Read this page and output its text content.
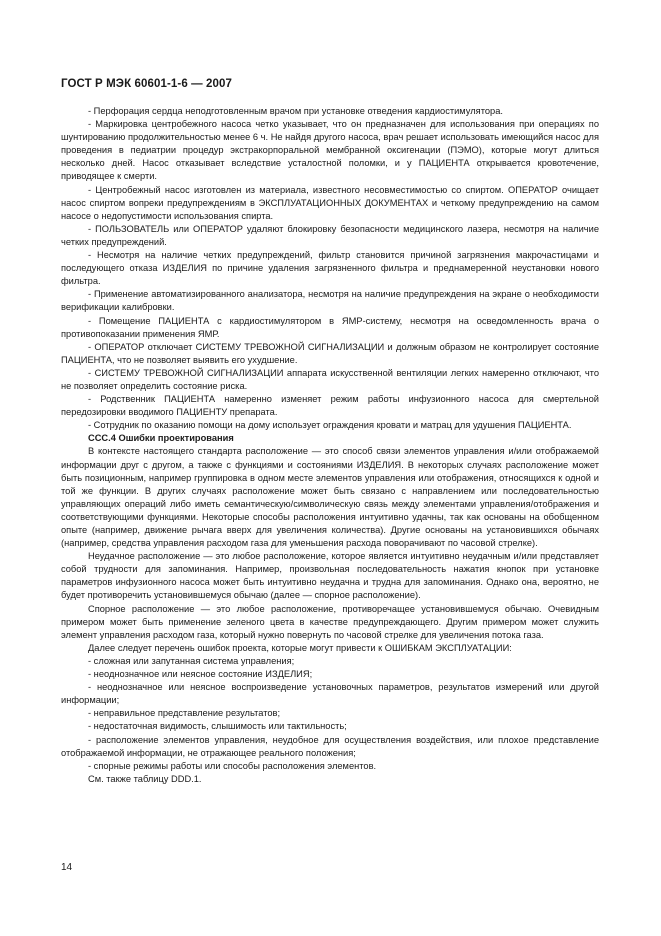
ГОСТ Р МЭК 60601-1-6 — 2007

- Перфорация сердца неподготовленным врачом при установке отведения кардиостимулятора.

- Маркировка центробежного насоса четко указывает, что он предназначен для использования при операциях по шунтированию продолжительностью менее 6 ч. Не найдя другого насоса, врач решает использовать имеющийся насос для проведения в педиатрии процедур экстракорпоральной мембранной оксигенации (ПЭМО), которые могут длиться несколько дней. Насос отказывает вследствие усталостной поломки, и у ПАЦИЕНТА открывается кровотечение, приводящее к смерти.

- Центробежный насос изготовлен из материала, известного несовместимостью со спиртом. ОПЕРАТОР очищает насос спиртом вопреки предупреждениям в ЭКСПЛУАТАЦИОННЫХ ДОКУМЕНТАХ и четкому предупреждению на самом насосе о недопустимости использования спирта.

- ПОЛЬЗОВАТЕЛЬ или ОПЕРАТОР удаляют блокировку безопасности медицинского лазера, несмотря на наличие четких предупреждений.

- Несмотря на наличие четких предупреждений, фильтр становится причиной загрязнения макрочастицами и последующего отказа ИЗДЕЛИЯ по причине удаления загрязненного фильтра и преднамеренной неустановки нового фильтра.

- Применение автоматизированного анализатора, несмотря на наличие предупреждения на экране о необходимости верификации калибровки.

- Помещение ПАЦИЕНТА с кардиостимулятором в ЯМР-систему, несмотря на осведомленность врача о противопоказании применения ЯМР.

- ОПЕРАТОР отключает СИСТЕМУ ТРЕВОЖНОЙ СИГНАЛИЗАЦИИ и должным образом не контролирует состояние ПАЦИЕНТА, что не позволяет выявить его ухудшение.

- СИСТЕМУ ТРЕВОЖНОЙ СИГНАЛИЗАЦИИ аппарата искусственной вентиляции легких намеренно отключают, что не позволяет определить состояние риска.

- Родственник ПАЦИЕНТА намеренно изменяет режим работы инфузионного насоса для смертельной передозировки вводимого ПАЦИЕНТУ препарата.

- Сотрудник по оказанию помощи на дому использует ограждения кровати и матрац для удушения ПАЦИЕНТА.

ССС.4 Ошибки проектирования

В контексте настоящего стандарта расположение — это способ связи элементов управления и/или отображаемой информации друг с другом, а также с функциями и состояниями ИЗДЕЛИЯ. В некоторых случаях расположение может быть позиционным, например группировка в одном месте элементов управления или отображения, относящихся к одной и той же функции. В других случаях расположение может быть связано с направлением или последовательностью управляющих операций либо иметь семантическую/символическую связь между элементами управления/отображения и соответствующими функциями. Некоторые способы расположения интуитивно удачны, так как основаны на обобщенном опыте (например, движение рычага вверх для увеличения количества). Другие основаны на установившихся обычаях (например, средства управления расходом газа для уменьшения расхода поворачивают по часовой стрелке).

Неудачное расположение — это любое расположение, которое является интуитивно неудачным и/или представляет собой трудности для запоминания. Например, произвольная последовательность нажатия кнопок при установке параметров инфузионного насоса может быть интуитивно неудачна и трудна для запоминания. Однако она, вероятно, не будет противоречить установившемуся обычаю (далее — спорное расположение).

Спорное расположение — это любое расположение, противоречащее установившемуся обычаю. Очевидным примером может быть применение зеленого цвета в качестве предупреждающего. Другим примером может служить элемент управления расходом газа, который нужно повернуть по часовой стрелке для увеличения потока газа.

Далее следует перечень ошибок проекта, которые могут привести к ОШИБКАМ ЭКСПЛУАТАЦИИ:

- сложная или запутанная система управления;

- неоднозначное или неясное состояние ИЗДЕЛИЯ;

- неоднозначное или неясное воспроизведение установочных параметров, результатов измерений или другой информации;

- неправильное представление результатов;

- недостаточная видимость, слышимость или тактильность;

- расположение элементов управления, неудобное для осуществления воздействия, или плохое представление отображаемой информации, не отражающее реального положения;

- спорные режимы работы или способы расположения элементов.

См. также таблицу DDD.1.

14
